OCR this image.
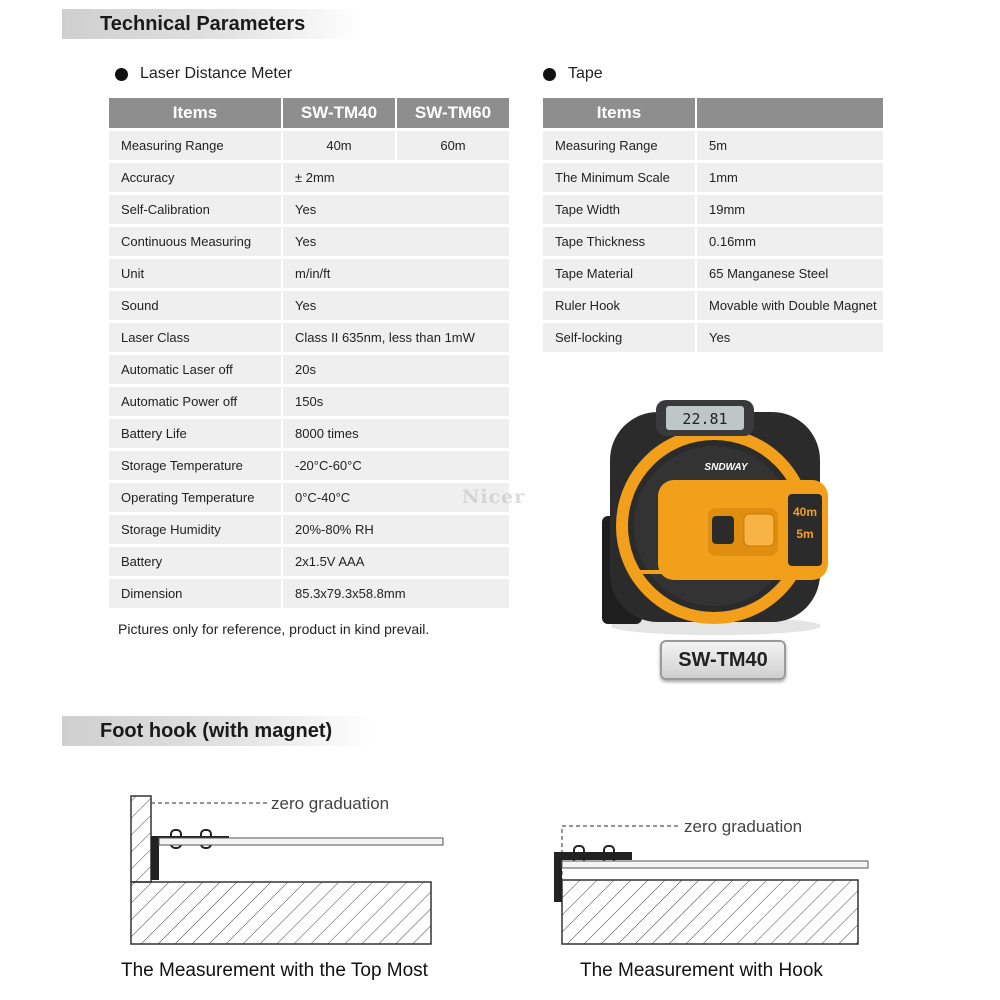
Technical Parameters
Laser Distance Meter
Items	SW-TM40	SW-TM60
Measuring Range	40m	60m
Accuracy	± 2mm	
Self-Calibration	Yes	
Continuous Measuring	Yes	
Unit	m/in/ft	
Sound	Yes	
Laser Class	Class II 635nm, less than 1mW	
Automatic Laser off	20s	
Automatic Power off	150s	
Battery Life	8000 times	
Storage Temperature	-20°C-60°C	
Operating Temperature	0°C-40°C	
Storage Humidity	20%-80% RH	
Battery	2x1.5V AAA	
Dimension	85.3x79.3x58.8mm	
Pictures only for reference, product in kind prevail.
Tape
Items	
Measuring Range	5m
The Minimum Scale	1mm
Tape Width	19mm
Tape Thickness	0.16mm
Tape Material	65 Manganese Steel
Ruler Hook	Movable with Double Magnet
Self-locking	Yes
22.81
SNDWAY
40m
5m
SW-TM40
Nicer
Foot hook (with magnet)
zero graduation
The Measurement with the Top Most
zero graduation
The Measurement with Hook
